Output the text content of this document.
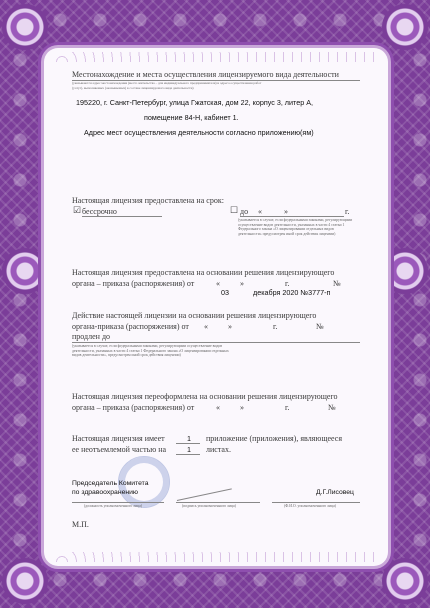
Местонахождение и места осуществления лицензируемого вида деятельности
(указываются адрес местонахождения (место жительства – для индивидуального предпринимателя) и адреса осуществления работ
(услуг), выполняемых (оказываемых) в составе лицензируемого вида деятельности)
195220, г. Санкт-Петербург, улица Гжатская, дом 22, корпус 3, литер А,
помещение 84-Н, кабинет 1.
Адрес мест осуществления деятельности согласно приложению(ям)
Настоящая лицензия предоставлена на срок:
☑ бессрочно	☐ до «	»	г.
(указывается в случае, если федеральными законами, регулирующими осуществление видов деятельности, указанных в части 4 статьи 1 Федерального закона «О лицензировании отдельных видов деятельности» предусмотрен иной срок действия лицензии)
Настоящая лицензия предоставлена на основании решения лицензирующего
органа – приказа (распоряжения) от	«	»	г.	№
03	декабря 2020 №3777-п
Действие настоящей лицензии на основании решения лицензирующего
органа-приказа (распоряжения) от «	»	г.	№
продлен до
(указывается в случае, если федеральными законами, регулирующими осуществление видов деятельности, указанных в части 4 статьи 1 Федерального закона «О лицензировании отдельных видов деятельности», предусмотрен иной срок действия лицензии)
Настоящая лицензия переоформлена на основании решения лицензирующего
органа – приказа (распоряжения) от	«	»	г.	№
Настоящая лицензия имеет	1 приложение (приложения), являющееся
ее неотъемлемой частью на	1 листах.
Председатель Комитета
по здравоохранению	Д.Г.Лисовец
(должность уполномоченного лица)	(подпись уполномоченного лица)	(Ф.И.О. уполномоченного лица)
М.П.
